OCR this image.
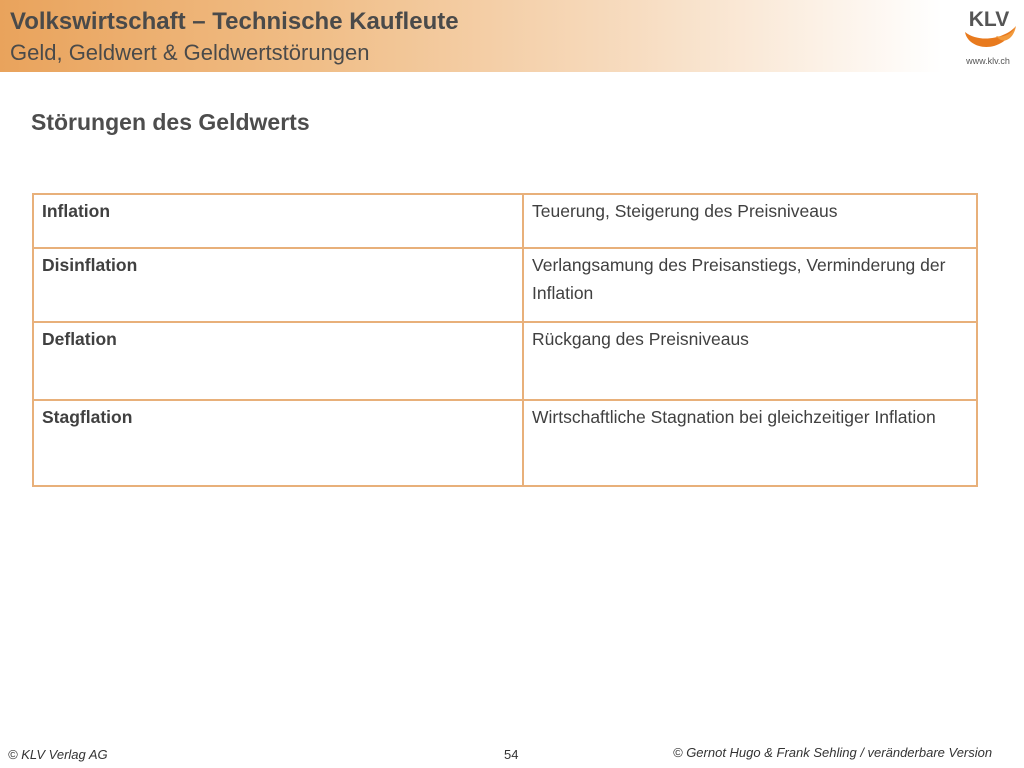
Volkswirtschaft – Technische Kaufleute
Geld, Geldwert & Geldwertstörungen
KLV
www.klv.ch
Störungen des Geldwerts
Inflation	Teuerung, Steigerung des Preisniveaus
Disinflation	Verlangsamung des Preisanstiegs, Verminderung der Inflation
Deflation	Rückgang des Preisniveaus
Stagflation	Wirtschaftliche Stagnation bei gleichzeitiger Inflation
© KLV Verlag AG	54	© Gernot Hugo & Frank Sehling / veränderbare Version
